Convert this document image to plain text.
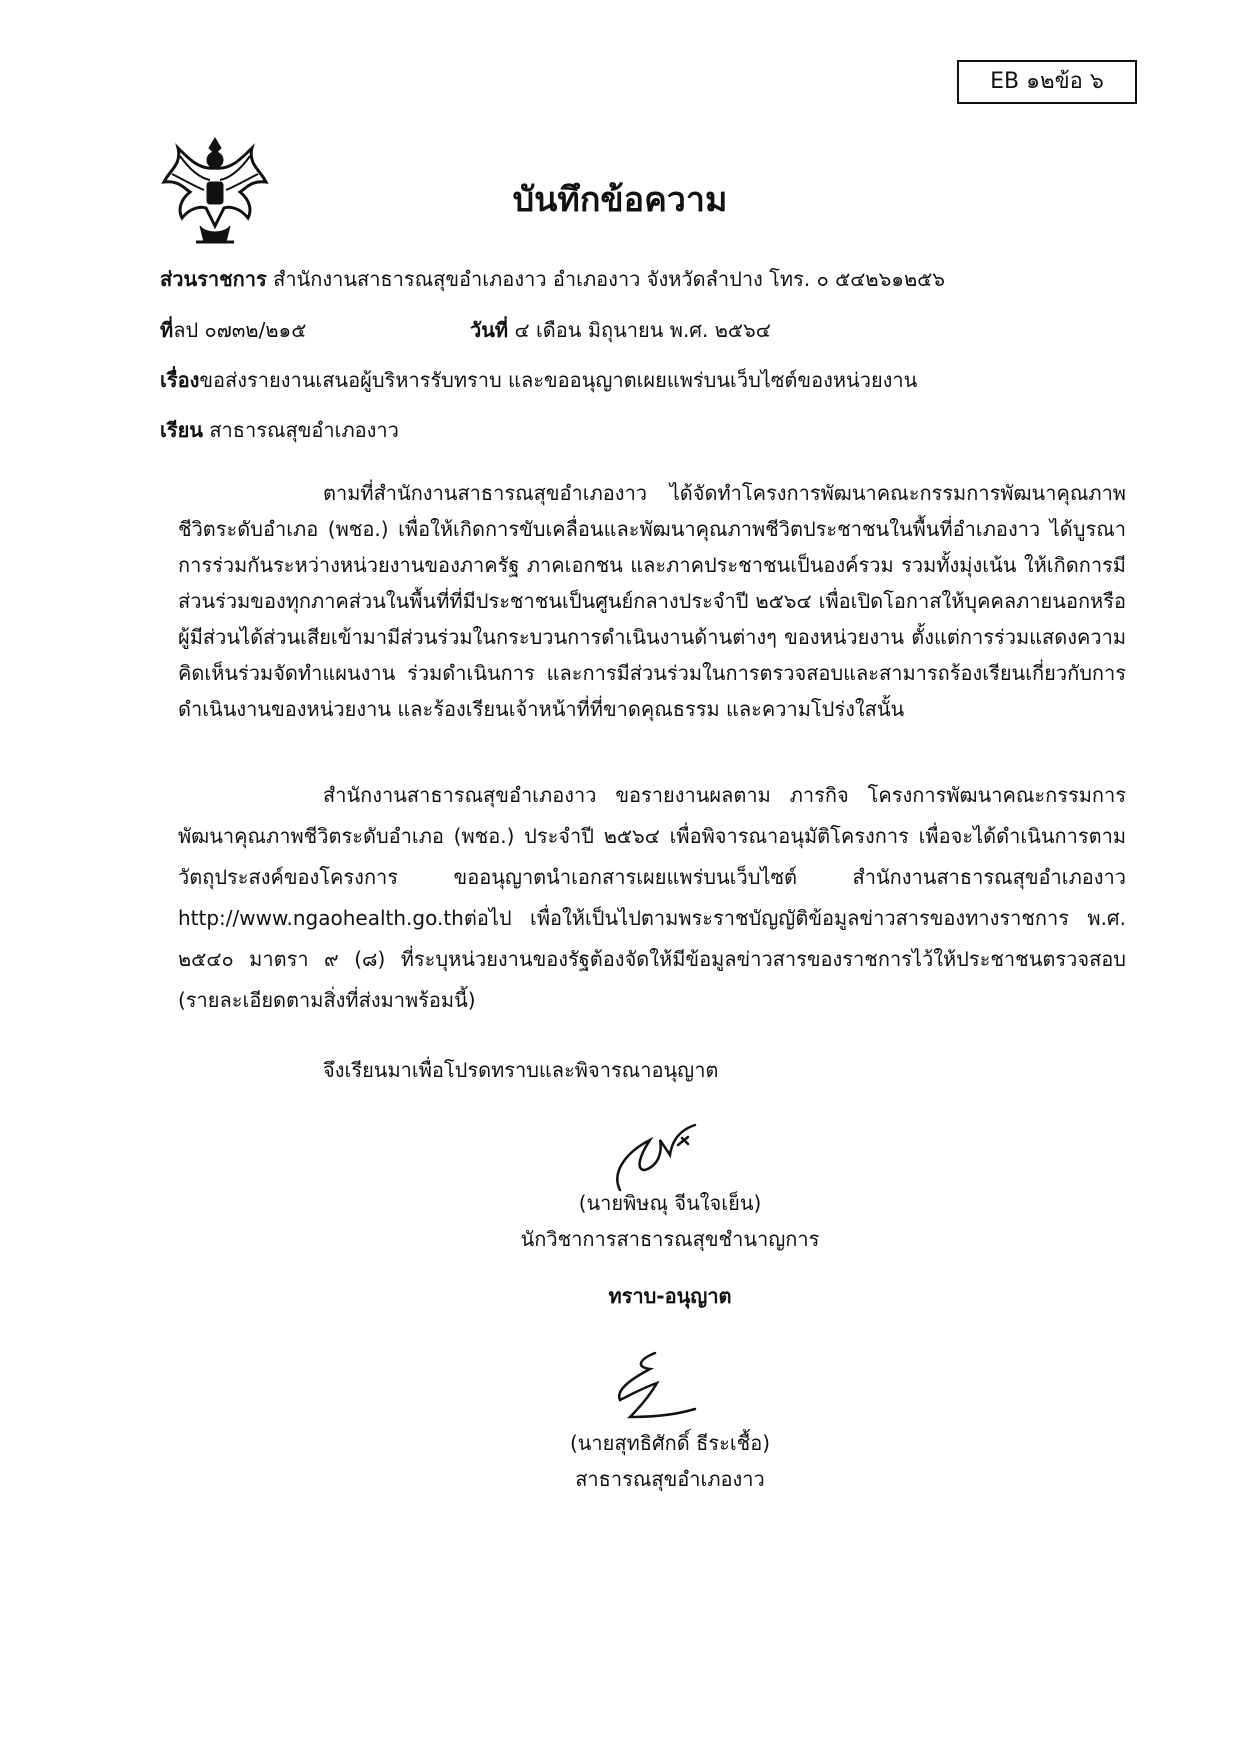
EB ๑๒ข้อ ๖
บันทึกข้อความ
ส่วนราชการ สำนักงานสาธารณสุขอำเภองาว อำเภองาว จังหวัดลำปาง โทร. ๐ ๕๔๒๖๑๒๕๖
ที่ลป ๐๗๓๒/๒๑๕	วันที่ ๔ เดือน มิถุนายน พ.ศ. ๒๕๖๔
เรื่องขอส่งรายงานเสนอผู้บริหารรับทราบ และขออนุญาตเผยแพร่บนเว็บไซต์ของหน่วยงาน
เรียน สาธารณสุขอำเภองาว

ตามที่สำนักงานสาธารณสุขอำเภองาว ได้จัดทำโครงการพัฒนาคณะกรรมการพัฒนาคุณภาพชีวิตระดับอำเภอ (พชอ.) เพื่อให้เกิดการขับเคลื่อนและพัฒนาคุณภาพชีวิตประชาชนในพื้นที่อำเภองาว ได้บูรณาการร่วมกันระหว่างหน่วยงานของภาครัฐ ภาคเอกชน และภาคประชาชนเป็นองค์รวม รวมทั้งมุ่งเน้น ให้เกิดการมีส่วนร่วมของทุกภาคส่วนในพื้นที่ที่มีประชาชนเป็นศูนย์กลางประจำปี ๒๕๖๔ เพื่อเปิดโอกาสให้บุคคลภายนอกหรือผู้มีส่วนได้ส่วนเสียเข้ามามีส่วนร่วมในกระบวนการดำเนินงานด้านต่างๆ ของหน่วยงาน ตั้งแต่การร่วมแสดงความคิดเห็นร่วมจัดทำแผนงาน ร่วมดำเนินการ และการมีส่วนร่วมในการตรวจสอบและสามารถร้องเรียนเกี่ยวกับการดำเนินงานของหน่วยงาน และร้องเรียนเจ้าหน้าที่ที่ขาดคุณธรรม และความโปร่งใสนั้น

สำนักงานสาธารณสุขอำเภองาว ขอรายงานผลตาม ภารกิจ โครงการพัฒนาคณะกรรมการพัฒนาคุณภาพชีวิตระดับอำเภอ (พชอ.) ประจำปี ๒๕๖๔ เพื่อพิจารณาอนุมัติโครงการ เพื่อจะได้ดำเนินการตามวัตถุประสงค์ของโครงการ ขออนุญาตนำเอกสารเผยแพร่บนเว็บไซต์ สำนักงานสาธารณสุขอำเภองาว http://www.ngaohealth.go.thต่อไป เพื่อให้เป็นไปตามพระราชบัญญัติข้อมูลข่าวสารของทางราชการ พ.ศ. ๒๕๔๐ มาตรา ๙ (๘) ที่ระบุหน่วยงานของรัฐต้องจัดให้มีข้อมูลข่าวสารของราชการไว้ให้ประชาชนตรวจสอบ (รายละเอียดตามสิ่งที่ส่งมาพร้อมนี้)

จึงเรียนมาเพื่อโปรดทราบและพิจารณาอนุญาต
(นายพิษณุ จีนใจเย็น)
นักวิชาการสาธารณสุขชำนาญการ
ทราบ-อนุญาต
(นายสุทธิศักดิ์ ธีระเชื้อ)
สาธารณสุขอำเภองาว
